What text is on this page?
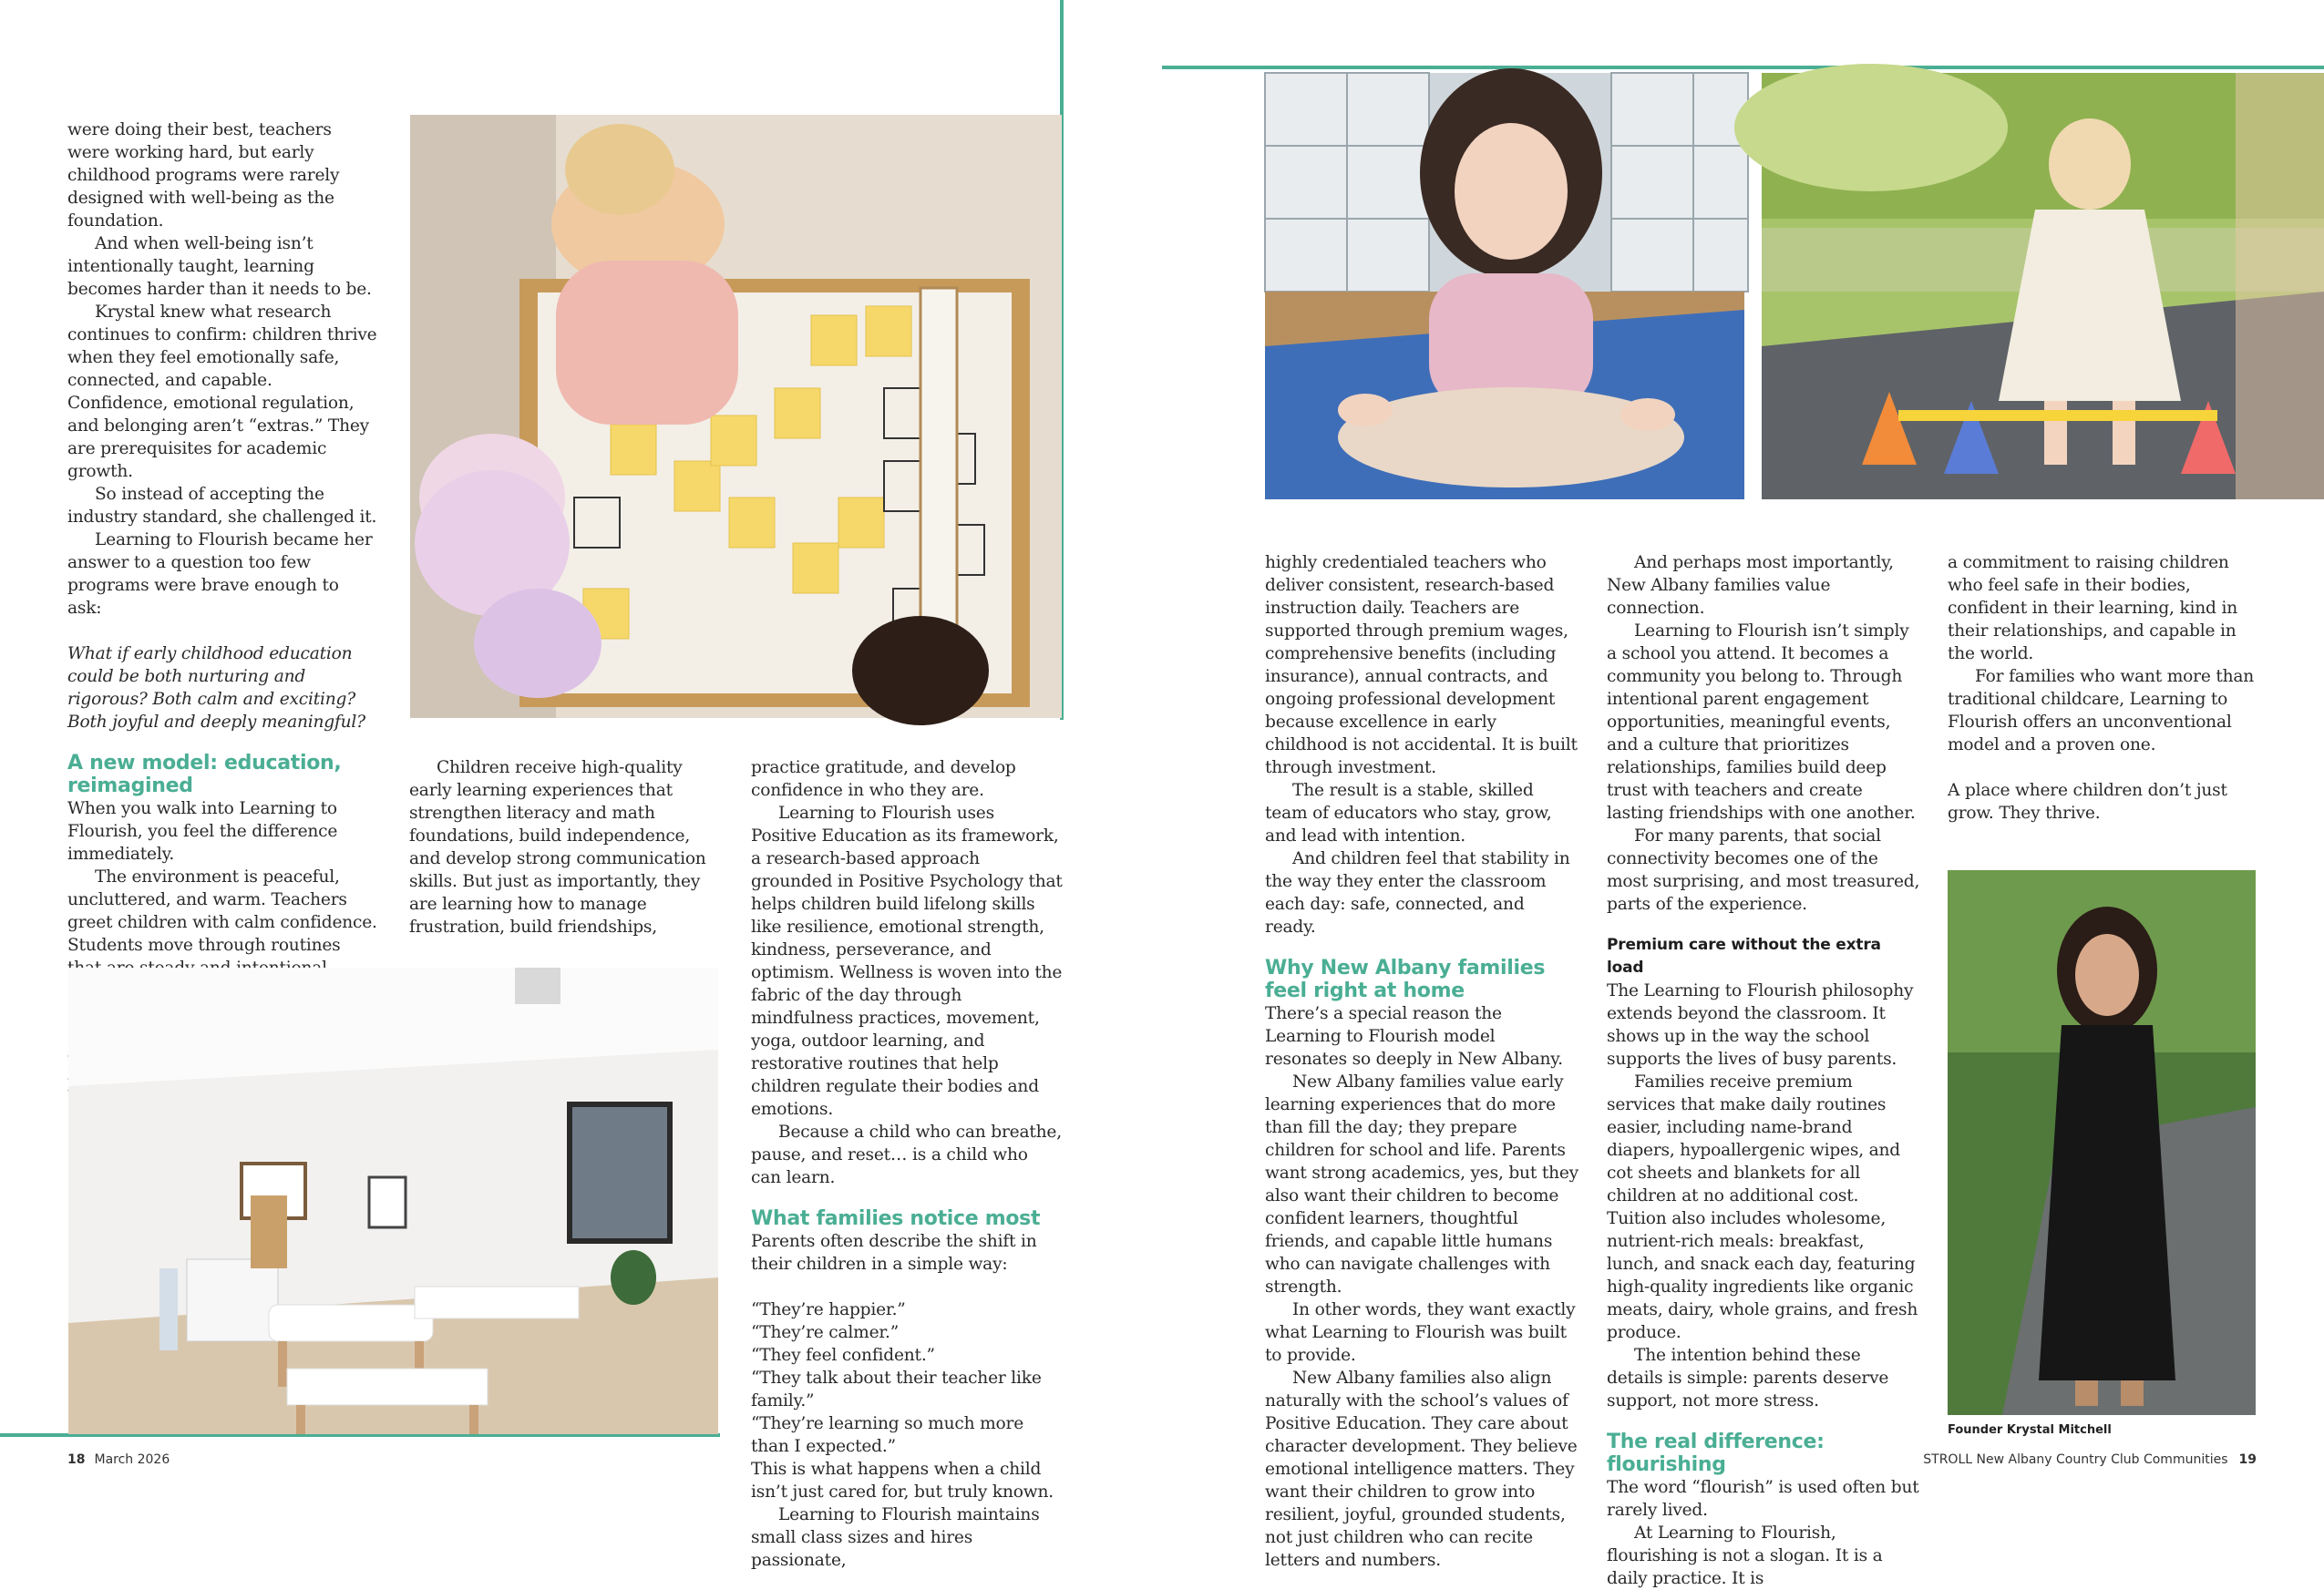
were doing their best, teachers were working hard, but early childhood programs were rarely designed with well-being as the foundation.

And when well-being isn’t intentionally taught, learning becomes harder than it needs to be.

Krystal knew what research continues to confirm: children thrive when they feel emotionally safe, connected, and capable. Confidence, emotional regulation, and belonging aren’t “extras.” They are prerequisites for academic growth.

So instead of accepting the industry standard, she challenged it.

Learning to Flourish became her answer to a question too few programs were brave enough to ask:

What if early childhood education could be both nurturing and rigorous? Both calm and exciting? Both joyful and deeply meaningful?

A new model: education, reimagined

When you walk into Learning to Flourish, you feel the difference immediately.

The environment is peaceful, uncluttered, and warm. Teachers greet children with calm confidence. Students move through routines

Children receive high-quality early learning experiences that strengthen literacy and math foundations, build independence, and develop strong communication skills. But just as importantly, they are learning how to manage frustration, build friendships,

practice gratitude, and develop confidence in who they are.

Learning to Flourish uses Positive Education as its framework, a research-based approach grounded in Positive Psychology that helps children build lifelong skills like resilience, emotional strength, kindness, perseverance, and optimism. Wellness is woven into the fabric of the day through mindfulness practices, movement, yoga, outdoor learning, and restorative routines that help children regulate their bodies and emotions.

Because a child who can breathe, pause, and reset… is a child who can learn.

What families notice most

Parents often describe the shift in their children in a simple way:

“They’re happier.”

“They’re calmer.”

“They feel confident.”

“They talk about their teacher like family.”

“They’re learning so much more than I expected.”

This is what happens when a child isn’t just cared for, but truly known.

Learning to Flourish maintains small class sizes and hires passionate,

highly credentialed teachers who deliver consistent, research-based instruction daily. Teachers are supported through premium wages, comprehensive benefits (including insurance), annual contracts, and ongoing professional development because excellence in early childhood is not accidental. It is built through investment.

The result is a stable, skilled team of educators who stay, grow, and lead with intention.

And children feel that stability in the way they enter the classroom each day: safe, connected, and ready.

Why New Albany families feel right at home

There’s a special reason the Learning to Flourish model resonates so deeply in New Albany.

New Albany families value early learning experiences that do more than fill the day; they prepare children for school and life. Parents want strong academics, yes, but they also want their children to become confident learners, thoughtful friends, and capable little humans who can navigate challenges with strength.

In other words, they want exactly what Learning to Flourish was built to provide.

New Albany families also align naturally with the school’s values of Positive Education. They care about character development. They believe emotional intelligence matters. They want their children to grow into resilient, joyful, grounded students, not just children who can recite letters and numbers.

And perhaps most importantly, New Albany families value connection.

Learning to Flourish isn’t simply a school you attend. It becomes a community you belong to. Through intentional parent engagement opportunities, meaningful events, and a culture that prioritizes relationships, families build deep trust with teachers and create lasting friendships with one another.

For many parents, that social connectivity becomes one of the most surprising, and most treasured, parts of the experience.

Premium care without the extra load

The Learning to Flourish philosophy extends beyond the classroom. It shows up in the way the school supports the lives of busy parents.

Families receive premium services that make daily routines easier, including name-brand diapers, hypoallergenic wipes, and cot sheets and blankets for all children at no additional cost. Tuition also includes wholesome, nutrient-rich meals: breakfast, lunch, and snack each day, featuring high-quality ingredients like organic meats, dairy, whole grains, and fresh produce.

The intention behind these details is simple: parents deserve support, not more stress.

The real difference: flourishing

The word “flourish” is used often but rarely lived.

At Learning to Flourish, flourishing is not a slogan. It is a daily practice. It is

a commitment to raising children who feel safe in their bodies, confident in their learning, kind in their relationships, and capable in the world.

For families who want more than traditional childcare, Learning to Flourish offers an unconventional model and a proven one.

A place where children don’t just grow. They thrive.

Founder Krystal Mitchell
18 March 2026	STROLL New Albany Country Club Communities 19
